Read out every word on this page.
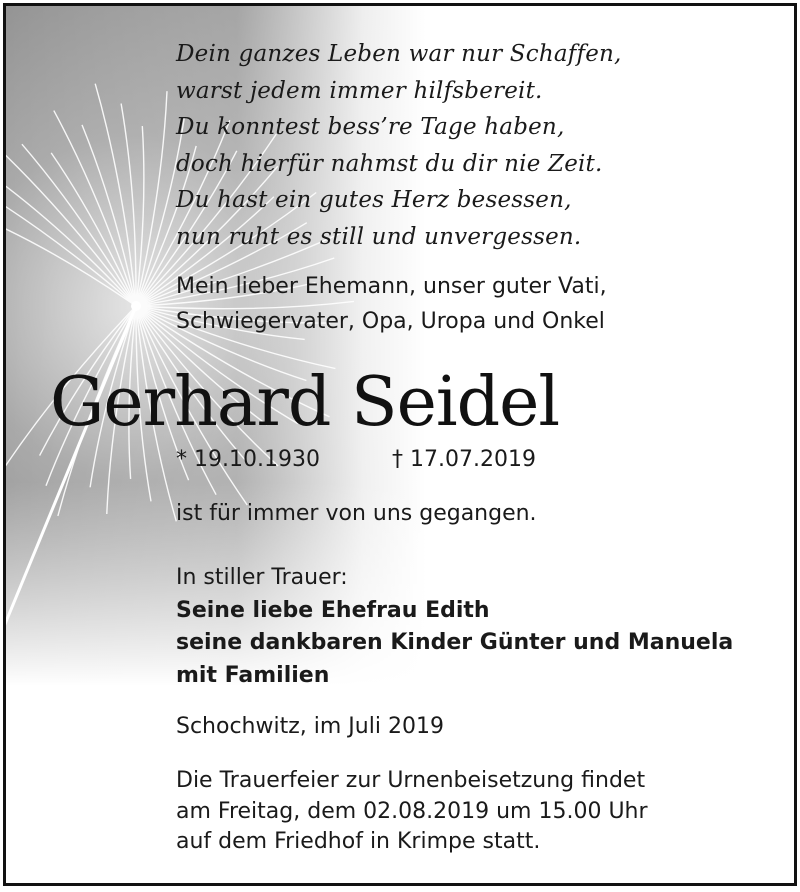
Dein ganzes Leben war nur Schaffen,
warst jedem immer hilfsbereit.
Du konntest bess’re Tage haben,
doch hierfür nahmst du dir nie Zeit.
Du hast ein gutes Herz besessen,
nun ruht es still und unvergessen.
Mein lieber Ehemann, unser guter Vati,
Schwiegervater, Opa, Uropa und Onkel
Gerhard Seidel
* 19.10.1930	† 17.07.2019
ist für immer von uns gegangen.
In stiller Trauer:
Seine liebe Ehefrau Edith
seine dankbaren Kinder Günter und Manuela
mit Familien
Schochwitz, im Juli 2019
Die Trauerfeier zur Urnenbeisetzung findet
am Freitag, dem 02.08.2019 um 15.00 Uhr
auf dem Friedhof in Krimpe statt.
